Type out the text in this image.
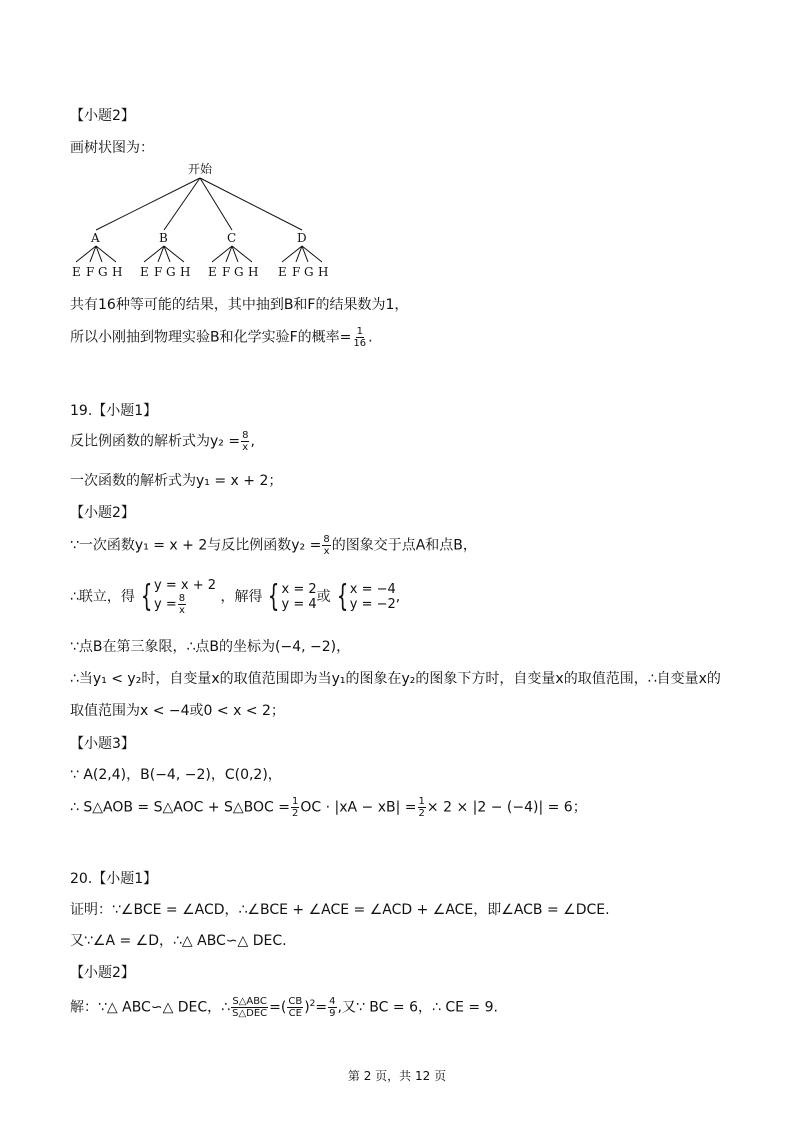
【小题2】
画树状图为：
开始
A	B	C	D
E F G H E F G H E F G H E F G H
共有16种等可能的结果，其中抽到B和F的结果数为1，
所以小刚抽到物理实验B和化学实验F的概率= $\frac{1}{16}$ .
19.【小题1】
反比例函数的解析式为$y_2 = \frac{8}{x}$ ,
一次函数的解析式为y₁ = x + 2；
【小题2】
∵一次函数y₁ = x + 2与反比例函数$y_2 = \frac{8}{x}$ 的图象交于点A和点B，
∴联立，得 { y = x + 2
$y = \frac{8}{x}$ ，解得 { x = 2
y = 4 或 { x = −4
y = −2 ,
∵点B在第三象限，∴点B的坐标为(−4, −2)，
∴当y₁ < y₂时，自变量x的取值范围即为当y₁的图象在y₂的图象下方时，自变量x的取值范围，∴自变量x的
取值范围为x < −4或0 < x < 2；
【小题3】
∵ A(2,4)，B(−4, −2)，C(0,2)，
∴ S△AOB = S△AOC + S△BOC = $\frac{1}{2}$ OC · $|xA - xB| = \frac{1}{2} \times 2 \times |2 - (-4)| = 6$；
20.【小题1】
证明：∵∠BCE = ∠ACD，∴∠BCE + ∠ACE = ∠ACD + ∠ACE，即∠ACB = ∠DCE.
又∵∠A = ∠D，∴△ ABC∽△ DEC.
【小题2】
解：∵△ ABC∽△ DEC，∴ $\frac{\text{S△ABC}}{\text{S△DEC}}$ =( $\frac{CB}{CE} )^2= \frac{4}{9}$ ,又∵ BC = 6，∴ CE = 9.
第 2 页，共 12 页
